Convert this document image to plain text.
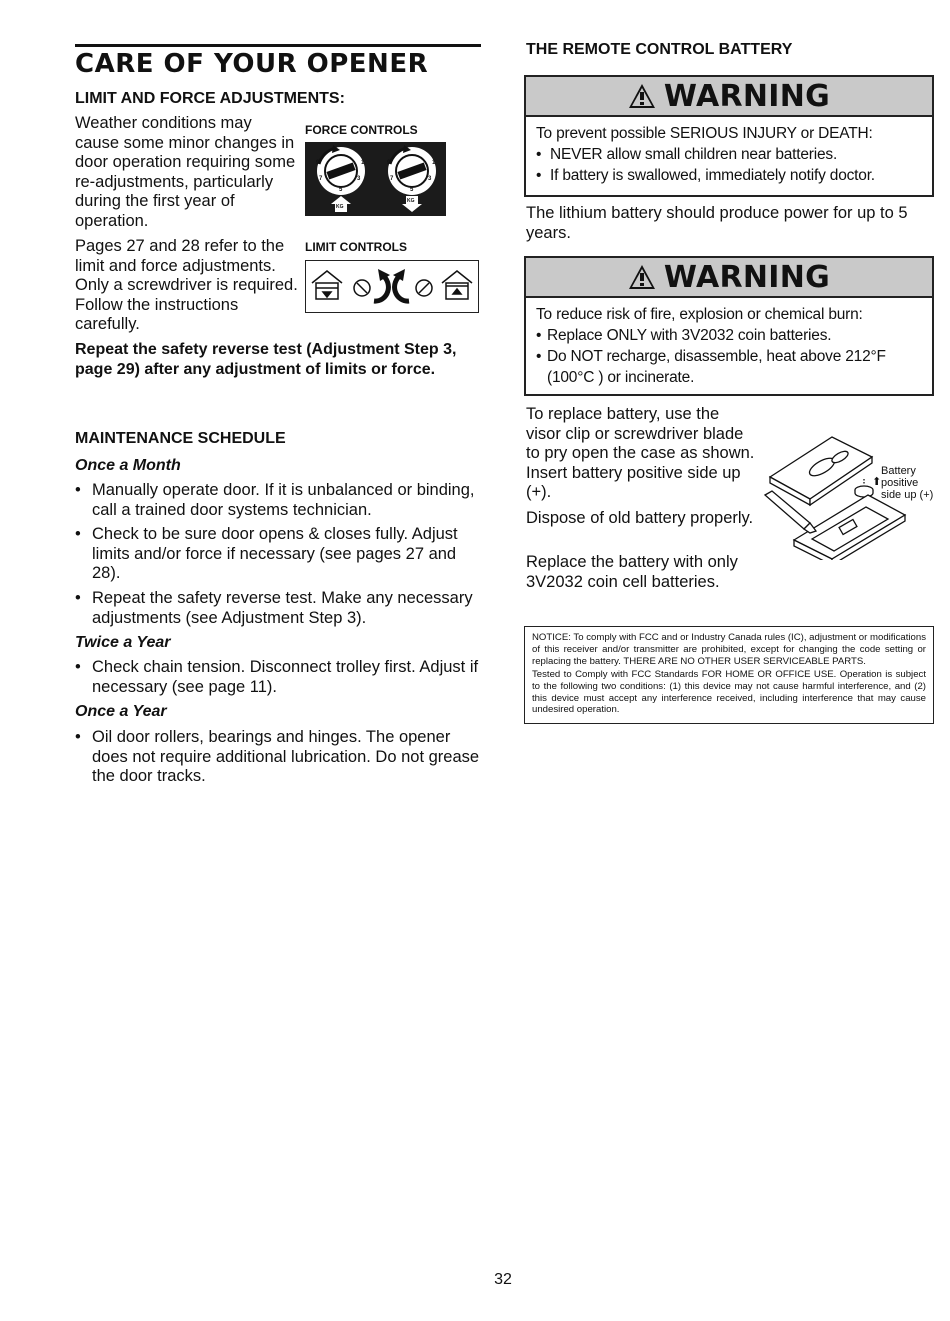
CARE OF YOUR OPENER
LIMIT AND FORCE ADJUSTMENTS:
Weather conditions may cause some minor changes in door operation requiring some re-adjustments, particularly during the first year of operation.
Pages 27 and 28 refer to the limit and force adjustments. Only a screwdriver is required. Follow the instructions carefully.
Repeat the safety reverse test (Adjustment Step 3, page 29) after any adjustment of limits or force.
FORCE CONTROLS
9
7
5
3
1
KG
9
7
5
3
1
KG
LIMIT CONTROLS
MAINTENANCE SCHEDULE
Once a Month
• Manually operate door. If it is unbalanced or binding, call a trained door systems technician.
• Check to be sure door opens & closes fully. Adjust limits and/or force if necessary (see pages 27 and 28).
• Repeat the safety reverse test. Make any necessary adjustments (see Adjustment Step 3).
Twice a Year
• Check chain tension. Disconnect trolley first. Adjust if necessary (see page 11).
Once a Year
• Oil door rollers, bearings and hinges. The opener does not require additional lubrication. Do not grease the door tracks.
THE REMOTE CONTROL BATTERY
WARNING

To prevent possible SERIOUS INJURY or DEATH:

• NEVER allow small children near batteries.

• If battery is swallowed, immediately notify doctor.

The lithium battery should produce power for up to 5 years.
WARNING

To reduce risk of fire, explosion or chemical burn:

• Replace ONLY with 3V2032 coin batteries.

• Do NOT recharge, disassemble, heat above 212°F (100°C ) or incinerate.

To replace battery, use the visor clip or screwdriver blade to pry open the case as shown. Insert battery positive side up (+).
Dispose of old battery properly.
Replace the battery with only 3V2032 coin cell batteries.
Battery
⬆ positive
side up (+)

NOTICE: To comply with FCC and or Industry Canada rules (IC), adjustment or modifications of this receiver and/or transmitter are prohibited, except for changing the code setting or replacing the battery. THERE ARE NO OTHER USER SERVICEABLE PARTS.

Tested to Comply with FCC Standards FOR HOME OR OFFICE USE. Operation is subject to the following two conditions: (1) this device may not cause harmful interference, and (2) this device must accept any interference received, including interference that may cause undesired operation.

32
